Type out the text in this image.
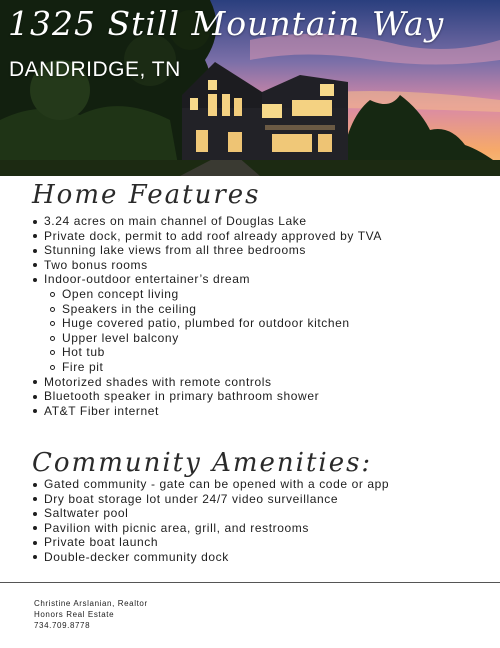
1325 Still Mountain Way
DANDRIDGE, TN
Home Features
3.24 acres on main channel of Douglas Lake
Private dock, permit to add roof already approved by TVA
Stunning lake views from all three bedrooms
Two bonus rooms
Indoor-outdoor entertainer’s dream
Open concept living
Speakers in the ceiling
Huge covered patio, plumbed for outdoor kitchen
Upper level balcony
Hot tub
Fire pit
Motorized shades with remote controls
Bluetooth speaker in primary bathroom shower
AT&T Fiber internet
Community Amenities:
Gated community - gate can be opened with a code or app
Dry boat storage lot under 24/7 video surveillance
Saltwater pool
Pavilion with picnic area, grill, and restrooms
Private boat launch
Double-decker community dock
Christine Arslanian, Realtor
Honors Real Estate
734.709.8778
